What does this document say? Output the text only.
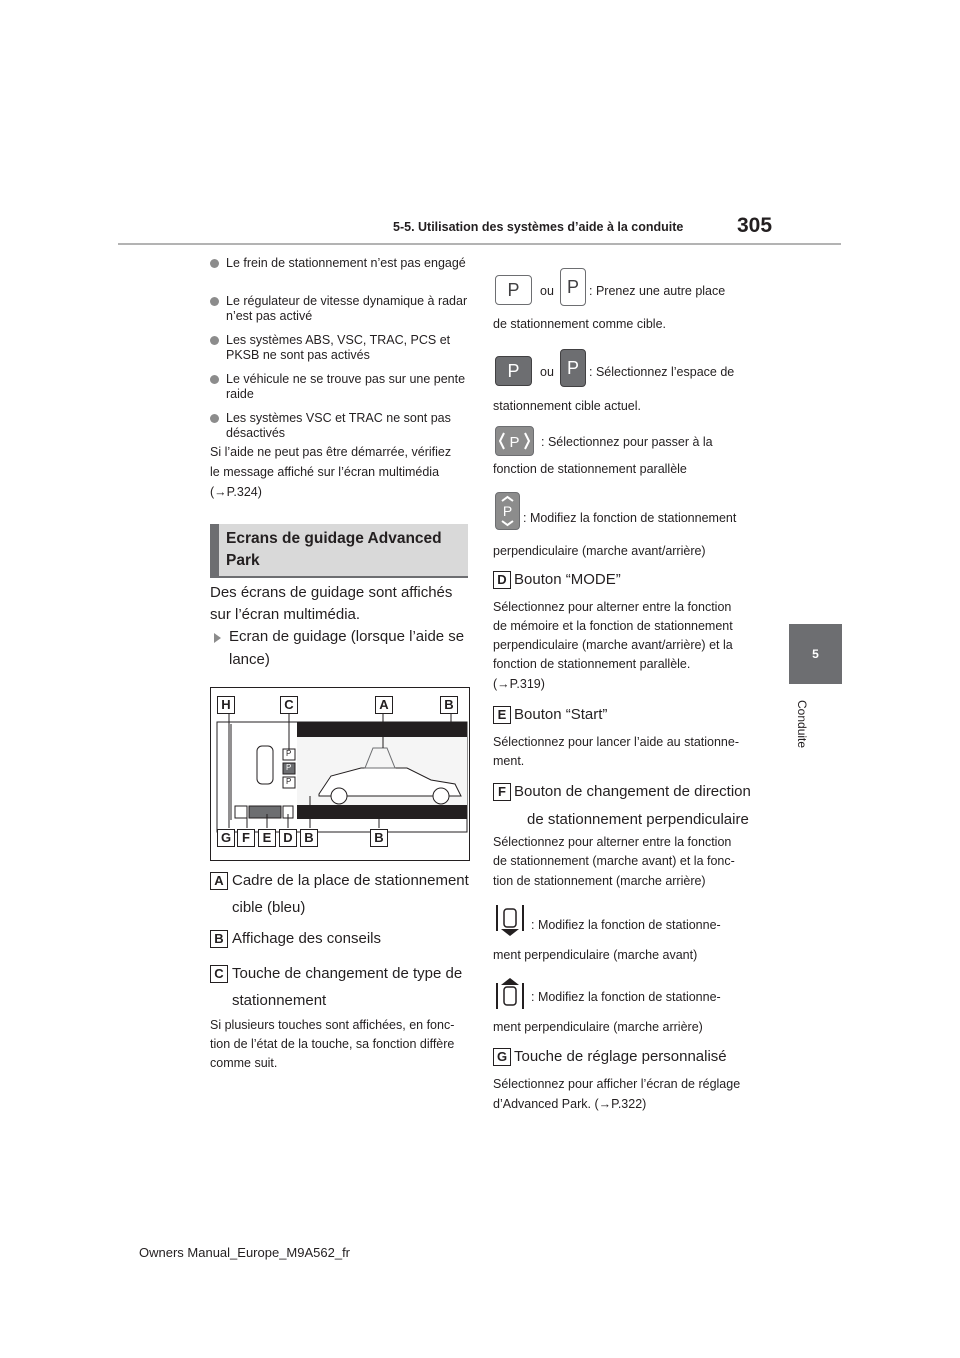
5-5. Utilisation des systèmes d’aide à la conduite	305
5
Conduite
Le frein de stationnement n’est pas engagé
Le régulateur de vitesse dynamique à radar n’est pas activé
Les systèmes ABS, VSC, TRAC, PCS et PKSB ne sont pas activés
Le véhicule ne se trouve pas sur une pente raide
Les systèmes VSC et TRAC ne sont pas désactivés
Si l’aide ne peut pas être démarrée, vérifiez
le message affiché sur l’écran multimédia
(→P.324)
Ecrans de guidage Advanced Park
Des écrans de guidage sont affichés
sur l’écran multimédia.
Ecran de guidage (lorsque l’aide se
lance)
H	C	A	B
G F E D B	B
P
P
P
A Cadre de la place de stationnement
cible (bleu)
B Affichage des conseils
C Touche de changement de type de
stationnement
Si plusieurs touches sont affichées, en fonc-
tion de l’état de la touche, sa fonction diffère
comme suit.
P	ou P : Prenez une autre place
de stationnement comme cible.
P	ou P : Sélectionnez l’espace de
stationnement cible actuel.
P : Sélectionnez pour passer à la
fonction de stationnement parallèle
P : Modifiez la fonction de stationnement
perpendiculaire (marche avant/arrière)
D Bouton “MODE”
Sélectionnez pour alterner entre la fonction
de mémoire et la fonction de stationnement
perpendiculaire (marche avant/arrière) et la
fonction de stationnement parallèle.
(→P.319)
E Bouton “Start”
Sélectionnez pour lancer l’aide au stationne-
ment.
F Bouton de changement de direction
de stationnement perpendiculaire
Sélectionnez pour alterner entre la fonction
de stationnement (marche avant) et la fonc-
tion de stationnement (marche arrière)
: Modifiez la fonction de stationne-
ment perpendiculaire (marche avant)
: Modifiez la fonction de stationne-
ment perpendiculaire (marche arrière)
G Touche de réglage personnalisé
Sélectionnez pour afficher l’écran de réglage
d’Advanced Park. (→P.322)
Owners Manual_Europe_M9A562_fr
